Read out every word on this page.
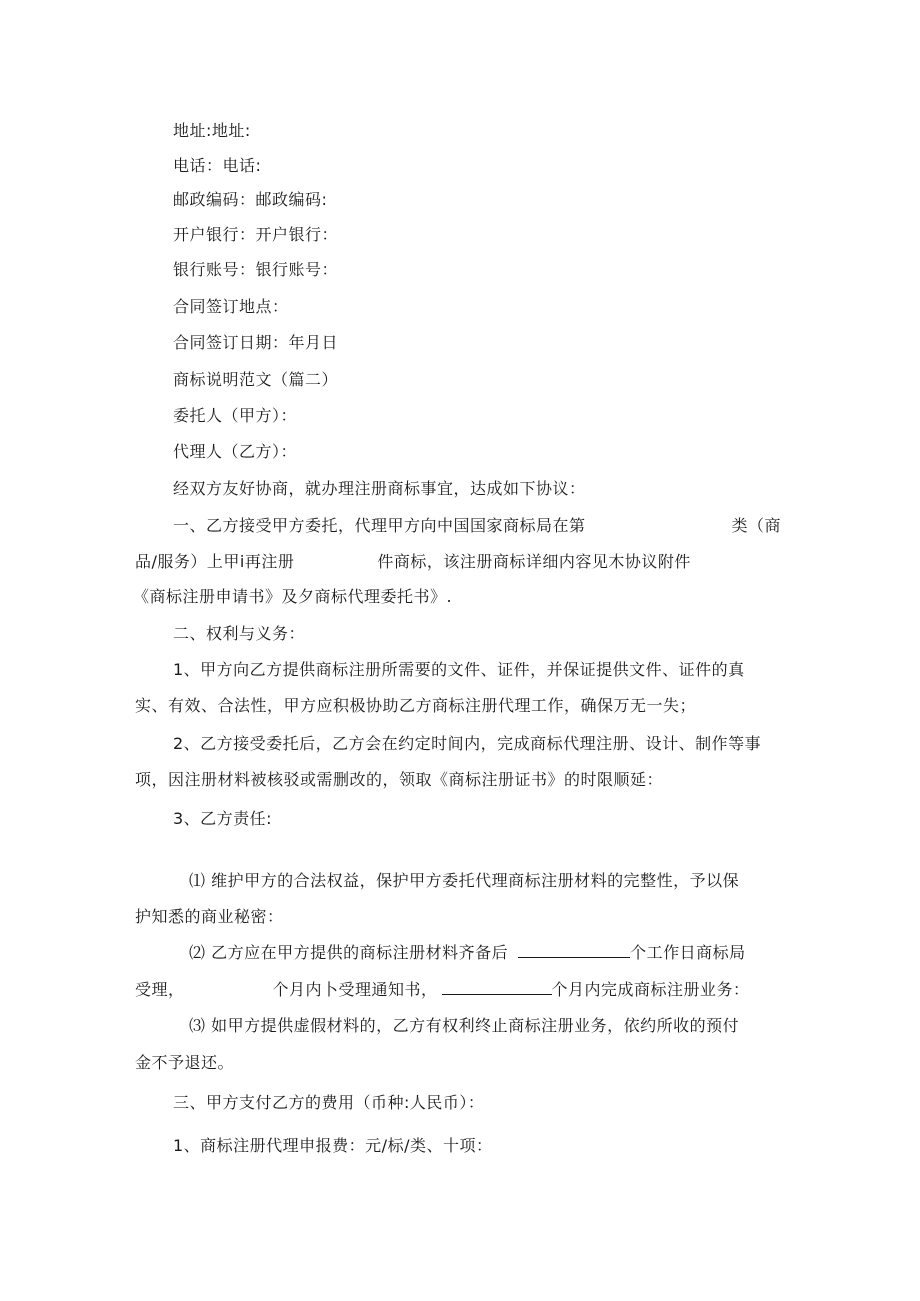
地址:地址:
电话：电话:
邮政编码：邮政编码:
开户银行：开户银行：
银行账号：银行账号：
合同签订地点：
合同签订日期：年月日
商标说明范文（篇二）
委托人（甲方）：
代理人（乙方）：
经双方友好协商，就办理注册商标事宜，达成如下协议：
一、乙方接受甲方委托，代理甲方向中国国家商标局在第	类（商
品/服务）上甲i再注册	件商标，该注册商标详细内容见木协议附件
《商标注册申请书》及夕商标代理委托书》.
二、权利与义务：
1、甲方向乙方提供商标注册所需要的文件、证件，并保证提供文件、证件的真
实、有效、合法性，甲方应积极协助乙方商标注册代理工作，确保万无一失；
2、乙方接受委托后，乙方会在约定时间内，完成商标代理注册、设计、制作等事
项，因注册材料被核驳或需删改的，领取《商标注册证书》的时限顺延：
3、乙方责任:
⑴ 维护甲方的合法权益，保护甲方委托代理商标注册材料的完整性，予以保
护知悉的商业秘密：
⑵ 乙方应在甲方提供的商标注册材料齐备后	个工作日商标局
受理，	个月内卜受理通知书，	个月内完成商标注册业务：
⑶ 如甲方提供虚假材料的，乙方有权利终止商标注册业务，依约所收的预付
金不予退还。
三、甲方支付乙方的费用（币种:人民币）：
1、商标注册代理申报费：元/标/类、十项：
